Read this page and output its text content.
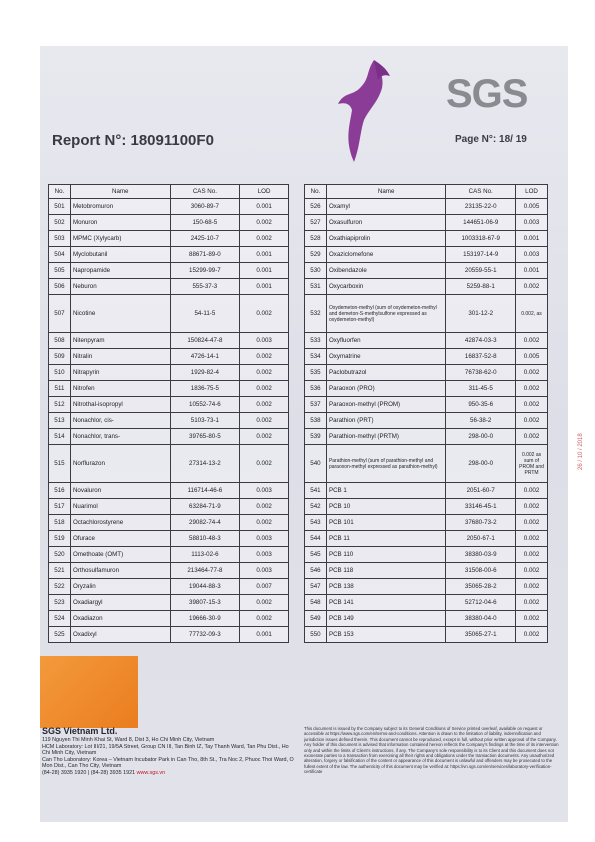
SGS
Report N°: 18091100F0	Page N°: 18/ 19
No.	Name	CAS No.	LOD
501	Metobromuron	3060-89-7	0.001
502	Monuron	150-68-5	0.002
503	MPMC (Xylycarb)	2425-10-7	0.002
504	Myclobutanil	88671-89-0	0.001
505	Napropamide	15299-99-7	0.001
506	Neburon	555-37-3	0.001
507	Nicotine	54-11-5	0.002
508	Nitenpyram	150824-47-8	0.003
509	Nitralin	4726-14-1	0.002
510	Nitrapyrin	1929-82-4	0.002
511	Nitrofen	1836-75-5	0.002
512	Nitrothal-isopropyl	10552-74-6	0.002
513	Nonachlor, cis-	5103-73-1	0.002
514	Nonachlor, trans-	39765-80-5	0.002
515	Norflurazon	27314-13-2	0.002
516	Novaluron	116714-46-6	0.003
517	Nuarimol	63284-71-9	0.002
518	Octachlorostyrene	29082-74-4	0.002
519	Ofurace	58810-48-3	0.003
520	Omethoate (OMT)	1113-02-6	0.003
521	Orthosulfamuron	213464-77-8	0.003
522	Oryzalin	19044-88-3	0.007
523	Oxadiargyl	39807-15-3	0.002
524	Oxadiazon	19666-30-9	0.002
525	Oxadixyl	77732-09-3	0.001
No.	Name	CAS No.	LOD
526	Oxamyl	23135-22-0	0.005
527	Oxasulfuron	144651-06-9	0.003
528	Oxathiapiprolin	1003318-67-9	0.001
529	Oxaziclomefone	153197-14-9	0.003
530	Oxibendazole	20559-55-1	0.001
531	Oxycarboxin	5259-88-1	0.002
532	Oxydemeton-methyl (sum of oxydemeton-methyl and demeton-S-methylsulfone expressed as oxydemeton-methyl)	301-12-2	0.002, as
533	Oxyfluorfen	42874-03-3	0.002
534	Oxymatrine	16837-52-8	0.005
535	Paclobutrazol	76738-62-0	0.002
536	Paraoxon (PRO)	311-45-5	0.002
537	Paraoxon-methyl (PROM)	950-35-6	0.002
538	Parathion (PRT)	56-38-2	0.002
539	Parathion-methyl (PRTM)	298-00-0	0.002
540	Parathion-methyl (sum of parathion-methyl and paraoxon-methyl expressed as parathion-methyl)	298-00-0	0.002 as sum of PROM and PRTM
541	PCB 1	2051-60-7	0.002
542	PCB 10	33146-45-1	0.002
543	PCB 101	37680-73-2	0.002
544	PCB 11	2050-67-1	0.002
545	PCB 110	38380-03-9	0.002
546	PCB 118	31508-00-6	0.002
547	PCB 138	35065-28-2	0.002
548	PCB 141	52712-04-6	0.002
549	PCB 149	38380-04-0	0.002
550	PCB 153	35065-27-1	0.002
SGS Vietnam Ltd.
119 Nguyen Thi Minh Khai St, Ward 8, Dist 3, Ho Chi Minh City, Vietnam
HCM Laboratory: Lot III/21, 19/5A Street, Group CN III, Tan Binh IZ, Tay Thanh Ward, Tan Phu Dist., Ho Chi Minh City, Vietnam
Can Tho Laboratory: Korea – Vietnam Incubator Park in Can Tho, 8th St., Tra Noc 2, Phuoc Thoi Ward, O Mon Dist., Can Tho City, Vietnam
(84-28) 3935 1920 | (84-28) 3935 1921 www.sgs.vn
This document is issued by the Company subject to its General Conditions of Service printed overleaf, available on request or accessible at https://www.sgs.com/en/terms-and-conditions. Attention is drawn to the limitation of liability, indemnification and jurisdiction issues defined therein. This document cannot be reproduced, except in full, without prior written approval of the Company. Any holder of this document is advised that information contained hereon reflects the Company's findings at the time of its intervention only and within the limits of Client's instructions, if any. The Company's sole responsibility is to its Client and this document does not exonerate parties to a transaction from exercising all their rights and obligations under the transaction documents. Any unauthorized alteration, forgery or falsification of the content or appearance of this document is unlawful and offenders may be prosecuted to the fullest extent of the law. The authenticity of this document may be verified at: https://vn.sgs.com/en/services/laboratory-verification-certificate
26 / 10 / 2018
